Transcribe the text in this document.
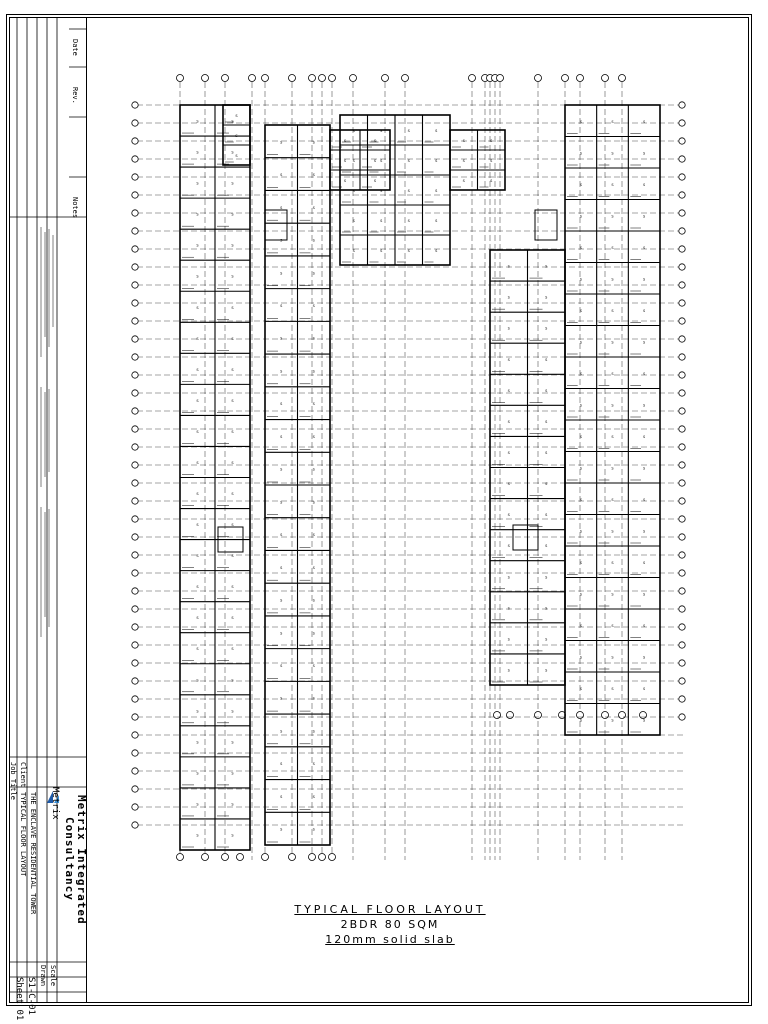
Date
Rev.
Notes
Job Title Client
Metrix Integrated
Consultancy
Metrix
THE ENCLAVE RESIDENTIAL TOWER
TYPICAL FLOOR LAYOUT
Drawn Scale
S1-C-01
Sheet 01
S
S
S
S
S
S
S
S
S
S
S
S
S
S
S
S
S
S
S
S
S
S
S
S
S
S
S
S
S
S
S
S
S
S
S
S
S
S
S
S
S
S
S
S
S
S
S
S
S
S
S
S
S
S
S
S
S
S
S
S
S
S
S
S
S
S
S
S
S
S
S
S
S
S
S
S
S
S
S
S
S
S
S
S
S
S
S
S
S
S
S
S
S
S
S
S
S
S
S
S
S
S
S
S
S
S
S
S
S
S
S
S
S
S
S
S
S
S
S
S
S
S
S
S
S
S
S
S
S
S
S
S
S
S
S
S
S
S
S
S
S
S
S
S
S
S
S
S
S
S
S
S
S
S
S
S
S
S
S
S
S
S
S
S
S
S
S
S
S
S
S
S
S
S
S
S
S
S
S
S
S
S
S
S
S
S
S
S
S
S
S
S
S
S
S
S
S
S
S
S
S
S
S
S
S
S
S
S
S
S
S
S
S
S
S
TYPICAL FLOOR LAYOUT
2BDR 80 SQM
120mm solid slab
